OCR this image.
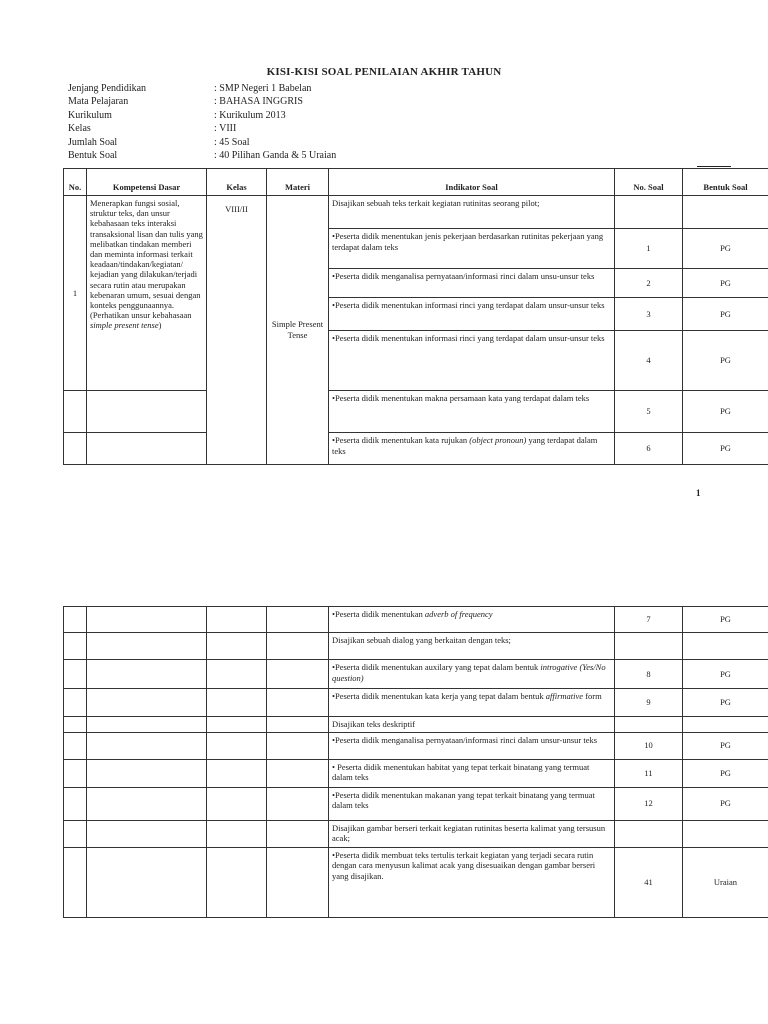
KISI-KISI SOAL PENILAIAN AKHIR TAHUN
Jenjang Pendidikan	: SMP Negeri 1 Babelan
Mata Pelajaran	: BAHASA INGGRIS
Kurikulum	: Kurikulum 2013
Kelas	: VIII
Jumlah Soal	: 45 Soal
Bentuk Soal	: 40 Pilihan Ganda & 5 Uraian
No.	Kompetensi Dasar	Kelas	Materi	Indikator Soal	No. Soal	Bentuk Soal
1	Menerapkan fungsi sosial, struktur teks, dan unsur kebahasaan teks interaksi transaksional lisan dan tulis yang melibatkan tindakan memberi dan meminta informasi terkait keadaan/tindakan/kegiatan/ kejadian yang dilakukan/terjadi secara rutin atau merupakan kebenaran umum, sesuai dengan konteks penggunaannya. (Perhatikan unsur kebahasaan simple present tense)	VIII/II	Simple Present Tense	Disajikan sebuah teks terkait kegiatan rutinitas seorang pilot;		
				•Peserta didik menentukan jenis pekerjaan berdasarkan rutinitas pekerjaan yang terdapat dalam teks	1	PG
				•Peserta didik menganalisa pernyataan/informasi rinci dalam unsu-unsur teks	2	PG
				•Peserta didik menentukan informasi rinci yang terdapat dalam unsur-unsur teks	3	PG
				•Peserta didik menentukan informasi rinci yang terdapat dalam unsur-unsur teks	4	PG
				•Peserta didik menentukan makna persamaan kata yang terdapat dalam teks	5	PG
				•Peserta didik menentukan kata rujukan (object pronoun) yang terdapat dalam teks	6	PG
1
				•Peserta didik menentukan adverb of frequency	7	PG
				Disajikan sebuah dialog yang berkaitan dengan teks;		
				•Peserta didik menentukan auxilary yang tepat dalam bentuk introgative (Yes/No question)	8	PG
				•Peserta didik menentukan kata kerja yang tepat dalam bentuk affirmative form	9	PG
				Disajikan teks deskriptif		
				•Peserta didik menganalisa pernyataan/informasi rinci dalam unsur-unsur teks	10	PG
				• Peserta didik menentukan habitat yang tepat terkait binatang yang termuat dalam teks	11	PG
				•Peserta didik menentukan makanan yang tepat terkait binatang yang termuat dalam teks	12	PG
				Disajikan gambar berseri terkait kegiatan rutinitas beserta kalimat yang tersusun acak;		
				•Peserta didik membuat teks tertulis terkait kegiatan yang terjadi secara rutin dengan cara menyusun kalimat acak yang disesuaikan dengan gambar berseri yang disajikan.	41	Uraian
